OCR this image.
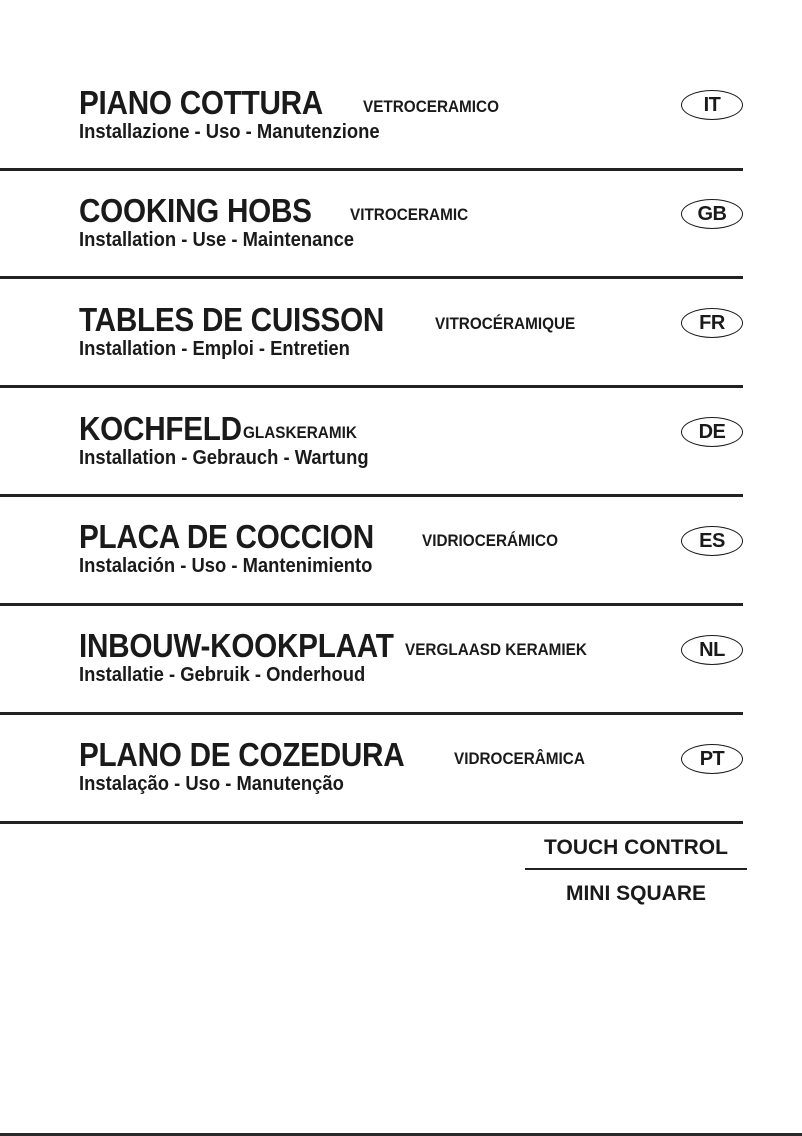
PIANO COTTURA VETROCERAMICO
Installazione - Uso - Manutenzione
IT
COOKING HOBS VITROCERAMIC
Installation - Use - Maintenance
GB
TABLES DE CUISSON	VITROCÉRAMIQUE
Installation - Emploi - Entretien
FR
KOCHFELD GLASKERAMIK
Installation - Gebrauch - Wartung
DE
PLACA DE COCCION	VIDRIOCERÁMICO
Instalación - Uso - Mantenimiento
ES
INBOUW-KOOKPLAAT VERGLAASD KERAMIEK
Installatie - Gebruik - Onderhoud
NL
PLANO DE COZEDURA	VIDROCERÂMICA
Instalação - Uso - Manutenção
PT
TOUCH CONTROL
MINI SQUARE
